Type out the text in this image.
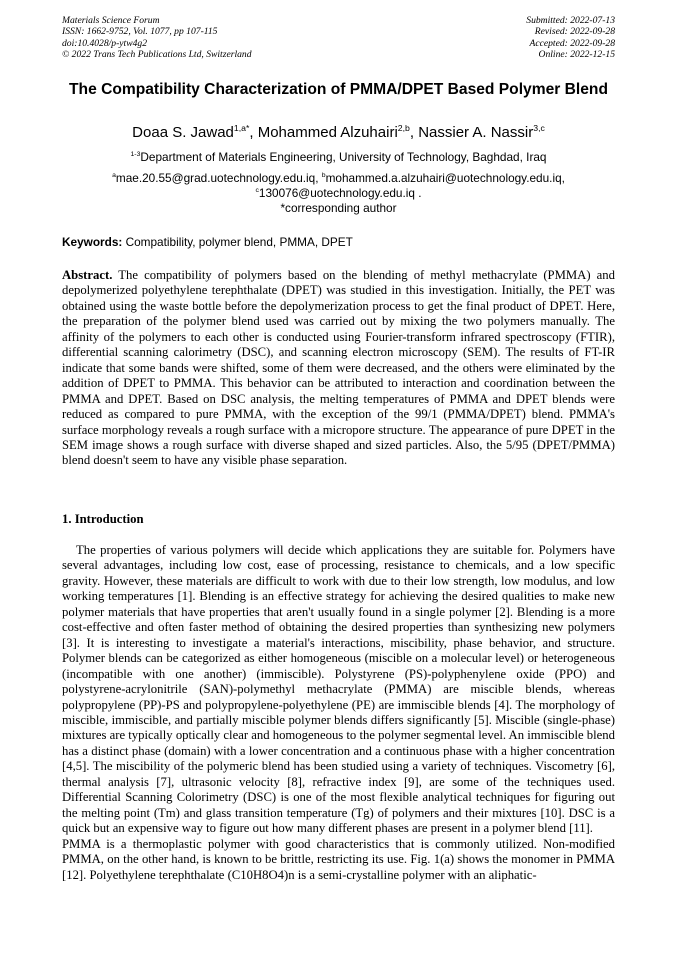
Materials Science Forum
ISSN: 1662-9752, Vol. 1077, pp 107-115
doi:10.4028/p-ytw4g2
© 2022 Trans Tech Publications Ltd, Switzerland
Submitted: 2022-07-13
Revised: 2022-09-28
Accepted: 2022-09-28
Online: 2022-12-15
The Compatibility Characterization of PMMA/DPET Based Polymer Blend
Doaa S. Jawad$^{1,a*}$, Mohammed Alzuhairi$^{2,b}$, Nassier A. Nassir$^{3,c}$
$^{1-3}$Department of Materials Engineering, University of Technology, Baghdad, Iraq
$^a$mae.20.55@grad.uotechnology.edu.iq, $^b$mohammed.a.alzuhairi@uotechnology.edu.iq,
$^c$130076@uotechnology.edu.iq .
*corresponding author
Keywords: Compatibility, polymer blend, PMMA, DPET
Abstract. The compatibility of polymers based on the blending of methyl methacrylate (PMMA) and depolymerized polyethylene terephthalate (DPET) was studied in this investigation. Initially, the PET was obtained using the waste bottle before the depolymerization process to get the final product of DPET. Here, the preparation of the polymer blend used was carried out by mixing the two polymers manually. The affinity of the polymers to each other is conducted using Fourier-transform infrared spectroscopy (FTIR), differential scanning calorimetry (DSC), and scanning electron microscopy (SEM). The results of FT-IR indicate that some bands were shifted, some of them were decreased, and the others were eliminated by the addition of DPET to PMMA. This behavior can be attributed to interaction and coordination between the PMMA and DPET. Based on DSC analysis, the melting temperatures of PMMA and DPET blends were reduced as compared to pure PMMA, with the exception of the 99/1 (PMMA/DPET) blend. PMMA's surface morphology reveals a rough surface with a micropore structure. The appearance of pure DPET in the SEM image shows a rough surface with diverse shaped and sized particles. Also, the 5/95 (DPET/PMMA) blend doesn't seem to have any visible phase separation.
1. Introduction

The properties of various polymers will decide which applications they are suitable for. Polymers have several advantages, including low cost, ease of processing, resistance to chemicals, and a low specific gravity. However, these materials are difficult to work with due to their low strength, low modulus, and low working temperatures [1]. Blending is an effective strategy for achieving the desired qualities to make new polymer materials that have properties that aren't usually found in a single polymer [2]. Blending is a more cost-effective and often faster method of obtaining the desired properties than synthesizing new polymers [3]. It is interesting to investigate a material's interactions, miscibility, phase behavior, and structure. Polymer blends can be categorized as either homogeneous (miscible on a molecular level) or heterogeneous (incompatible with one another) (immiscible). Polystyrene (PS)-polyphenylene oxide (PPO) and polystyrene-acrylonitrile (SAN)-polymethyl methacrylate (PMMA) are miscible blends, whereas polypropylene (PP)-PS and polypropylene-polyethylene (PE) are immiscible blends [4]. The morphology of miscible, immiscible, and partially miscible polymer blends differs significantly [5]. Miscible (single-phase) mixtures are typically optically clear and homogeneous to the polymer segmental level. An immiscible blend has a distinct phase (domain) with a lower concentration and a continuous phase with a higher concentration [4,5]. The miscibility of the polymeric blend has been studied using a variety of techniques. Viscometry [6], thermal analysis [7], ultrasonic velocity [8], refractive index [9], are some of the techniques used. Differential Scanning Colorimetry (DSC) is one of the most flexible analytical techniques for figuring out the melting point (Tm) and glass transition temperature (Tg) of polymers and their mixtures [10]. DSC is a quick but an expensive way to figure out how many different phases are present in a polymer blend [11].

PMMA is a thermoplastic polymer with good characteristics that is commonly utilized. Non-modified PMMA, on the other hand, is known to be brittle, restricting its use. Fig. 1(a) shows the monomer in PMMA [12]. Polyethylene terephthalate (C10H8O4)n is a semi-crystalline polymer with an aliphatic-
